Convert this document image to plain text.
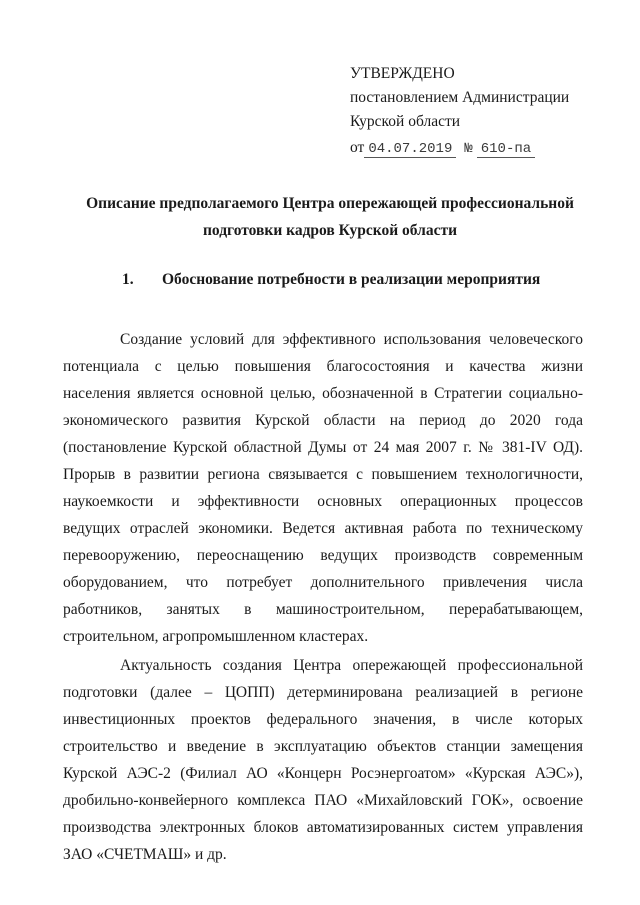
УТВЕРЖДЕНО
постановлением Администрации
Курской области
от 04.07.2019 № 610-па
Описание предполагаемого Центра опережающей профессиональной
подготовки кадров Курской области
1. Обоснование потребности в реализации мероприятия
Создание условий для эффективного использования человеческого
потенциала с целью повышения благосостояния и качества жизни
населения является основной целью, обозначенной в Стратегии социально-
экономического развития Курской области на период до 2020 года
(постановление Курской областной Думы от 24 мая 2007 г. № 381-IV ОД).
Прорыв в развитии региона связывается с повышением технологичности,
наукоемкости и эффективности основных операционных процессов
ведущих отраслей экономики. Ведется активная работа по техническому
перевооружению, переоснащению ведущих производств современным
оборудованием, что потребует дополнительного привлечения числа
работников, занятых в машиностроительном, перерабатывающем,
строительном, агропромышленном кластерах.
Актуальность создания Центра опережающей профессиональной
подготовки (далее – ЦОПП) детерминирована реализацией в регионе
инвестиционных проектов федерального значения, в числе которых
строительство и введение в эксплуатацию объектов станции замещения
Курской АЭС-2 (Филиал АО «Концерн Росэнергоатом» «Курская АЭС»),
дробильно-конвейерного комплекса ПАО «Михайловский ГОК», освоение
производства электронных блоков автоматизированных систем управления
ЗАО «СЧЕТМАШ» и др.
